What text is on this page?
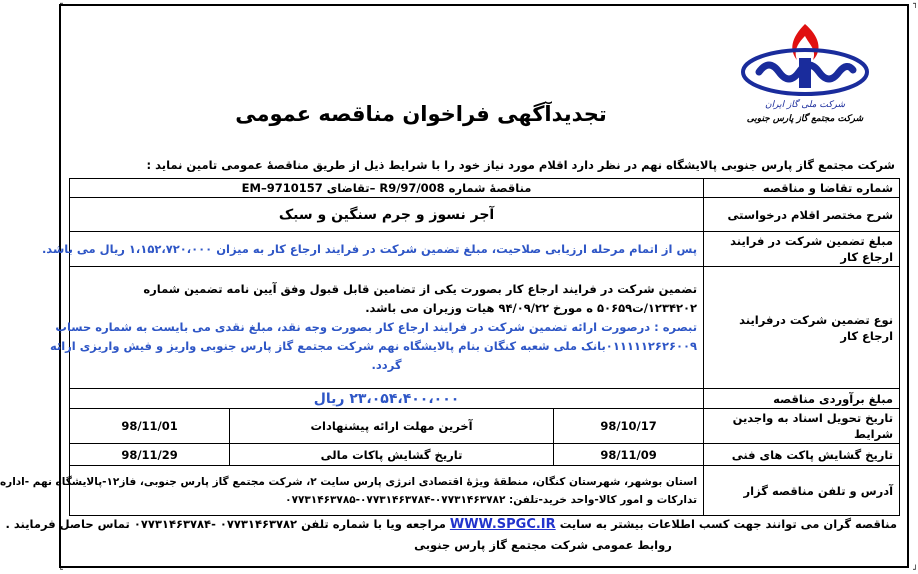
تجدیدآگهی فراخوان مناقصه عمومی	شرکت ملی گاز ایران
شرکت مجتمع گاز پارس جنوبی
شرکت مجتمع گاز پارس جنوبی پالایشگاه نهم در نظر دارد اقلام مورد نیاز خود را با شرایط ذیل از طریق مناقصهٔ عمومی تامین نماید :
شماره تقاضا و مناقصه	مناقصهٔ شماره R9/97/008 –تقاضای EM–9710157		
شرح مختصر اقلام درخواستی	آجر نسوز و جرم سنگین و سبک		
مبلغ تضمین شرکت در فرایند ارجاع کار	پس از اتمام مرحله ارزیابی صلاحیت، مبلغ تضمین شرکت در فرایند ارجاع کار به میزان ۱،۱۵۲،۷۲۰،۰۰۰ ریال می باشد.		
نوع تضمین شرکت درفرایند ارجاع کار	تضمین شرکت در فرایند ارجاع کار بصورت یکی از تضامین قابل قبول وفق آیین نامه تضمین شماره
۱۲۳۴۲۰۲/ت۵۰۶۵۹ ه مورخ ۹۴/۰۹/۲۲ هیات وزیران می باشد.
تبصره : درصورت ارائه تضمین شرکت در فرایند ارجاع کار بصورت وجه نقد، مبلغ نقدی می بایست به شماره حساب
۰۱۱۱۱۱۲۶۲۶۰۰۹بانک ملی شعبه کنگان بنام پالایشگاه نهم شرکت مجتمع گاز پارس جنوبی واریز و فیش واریزی ارائه
گردد.		

مبلغ برآوردی مناقصه	۲۳،۰۵۴،۴۰۰،۰۰۰ ریال		
تاریخ تحویل اسناد به واجدین شرایط	98/10/17	آخرین مهلت ارائه پیشنهادات	98/11/01
تاریخ گشایش پاکت های فنی	98/11/09	تاریخ گشایش پاکات مالی	98/11/29
آدرس و تلفن مناقصه گزار	استان بوشهر، شهرستان کنگان، منطقهٔ ویژهٔ اقتصادی انرژی پارس سایت ۲، شرکت مجتمع گاز پارس جنوبی، فاز۱۲-پالایشگاه نهم -اداره
تدارکات و امور کالا-واحد خرید-تلفن: ۰۷۷۳۱۴۶۳۷۸۲-۰۷۷۳۱۴۶۳۷۸۴-۰۷۷۳۱۴۶۳۷۸۵		
مناقصه گران می توانند جهت کسب اطلاعات بیشتر به سایت WWW.SPGC.IR مراجعه ویا با شماره تلفن ۰۷۷۳۱۴۶۳۷۸۲ -۰۷۷۳۱۴۶۳۷۸۴ تماس حاصل فرمایند .
روابط عمومی شرکت مجتمع گاز پارس جنوبی
┌	┐
└	┘
